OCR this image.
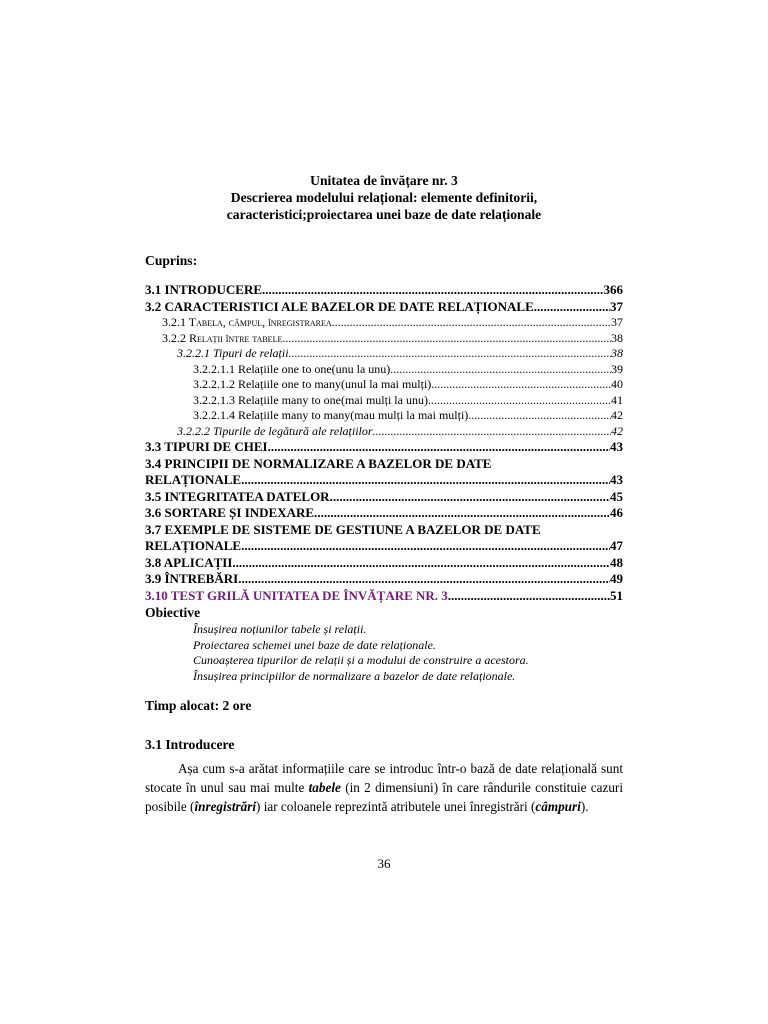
Unitatea de învățare nr. 3
Descrierea modelului relațional: elemente definitorii,
caracteristici;proiectarea unei baze de date relaționale
Cuprins:
3.1 INTRODUCERE .....	366
3.2 CARACTERISTICI ALE BAZELOR DE DATE RELAȚIONALE .....	37
3.2.1 Tabela, câmpul, înregistrarea .....	37
3.2.2 Relații între tabele .....	38
3.2.2.1 Tipuri de relații .....	38
3.2.2.1.1 Relațiile one to one(unu la unu) .....	39
3.2.2.1.2 Relațiile one to many(unul la mai mulți) .....	40
3.2.2.1.3 Relațiile many to one(mai mulți la unu) .....	41
3.2.2.1.4 Relațiile many to many(mau mulți la mai mulți) .....	42
3.2.2.2 Tipurile de legătură ale relațiilor .....	42
3.3 TIPURI DE CHEI .....	43
3.4 PRINCIPII DE NORMALIZARE A BAZELOR DE DATE
RELAȚIONALE .....	43
3.5 INTEGRITATEA DATELOR .....	45
3.6 SORTARE ȘI INDEXARE. .....	46
3.7 EXEMPLE DE SISTEME DE GESTIUNE A BAZELOR DE DATE
RELAȚIONALE .....	47
3.8 APLICAȚII .....	48
3.9 ÎNTREBĂRI .....	49
3.10 TEST GRILĂ UNITATEA DE ÎNVĂȚARE NR. 3 .....	51
Obiective
Însușirea noțiunilor tabele și relații.
Proiectarea schemei unei baze de date relaționale.
Cunoașterea tipurilor de relații și a modului de construire a acestora.
Însușirea principiilor de normalizare a bazelor de date relaționale.
Timp alocat: 2 ore
3.1 Introducere
Așa cum s-a arătat informațiile care se introduc într-o bază de date relațională sunt stocate în unul sau mai multe tabele (in 2 dimensiuni) în care rândurile constituie cazuri posibile (înregistrări) iar coloanele reprezintă atributele unei înregistrări (câmpuri).
36
